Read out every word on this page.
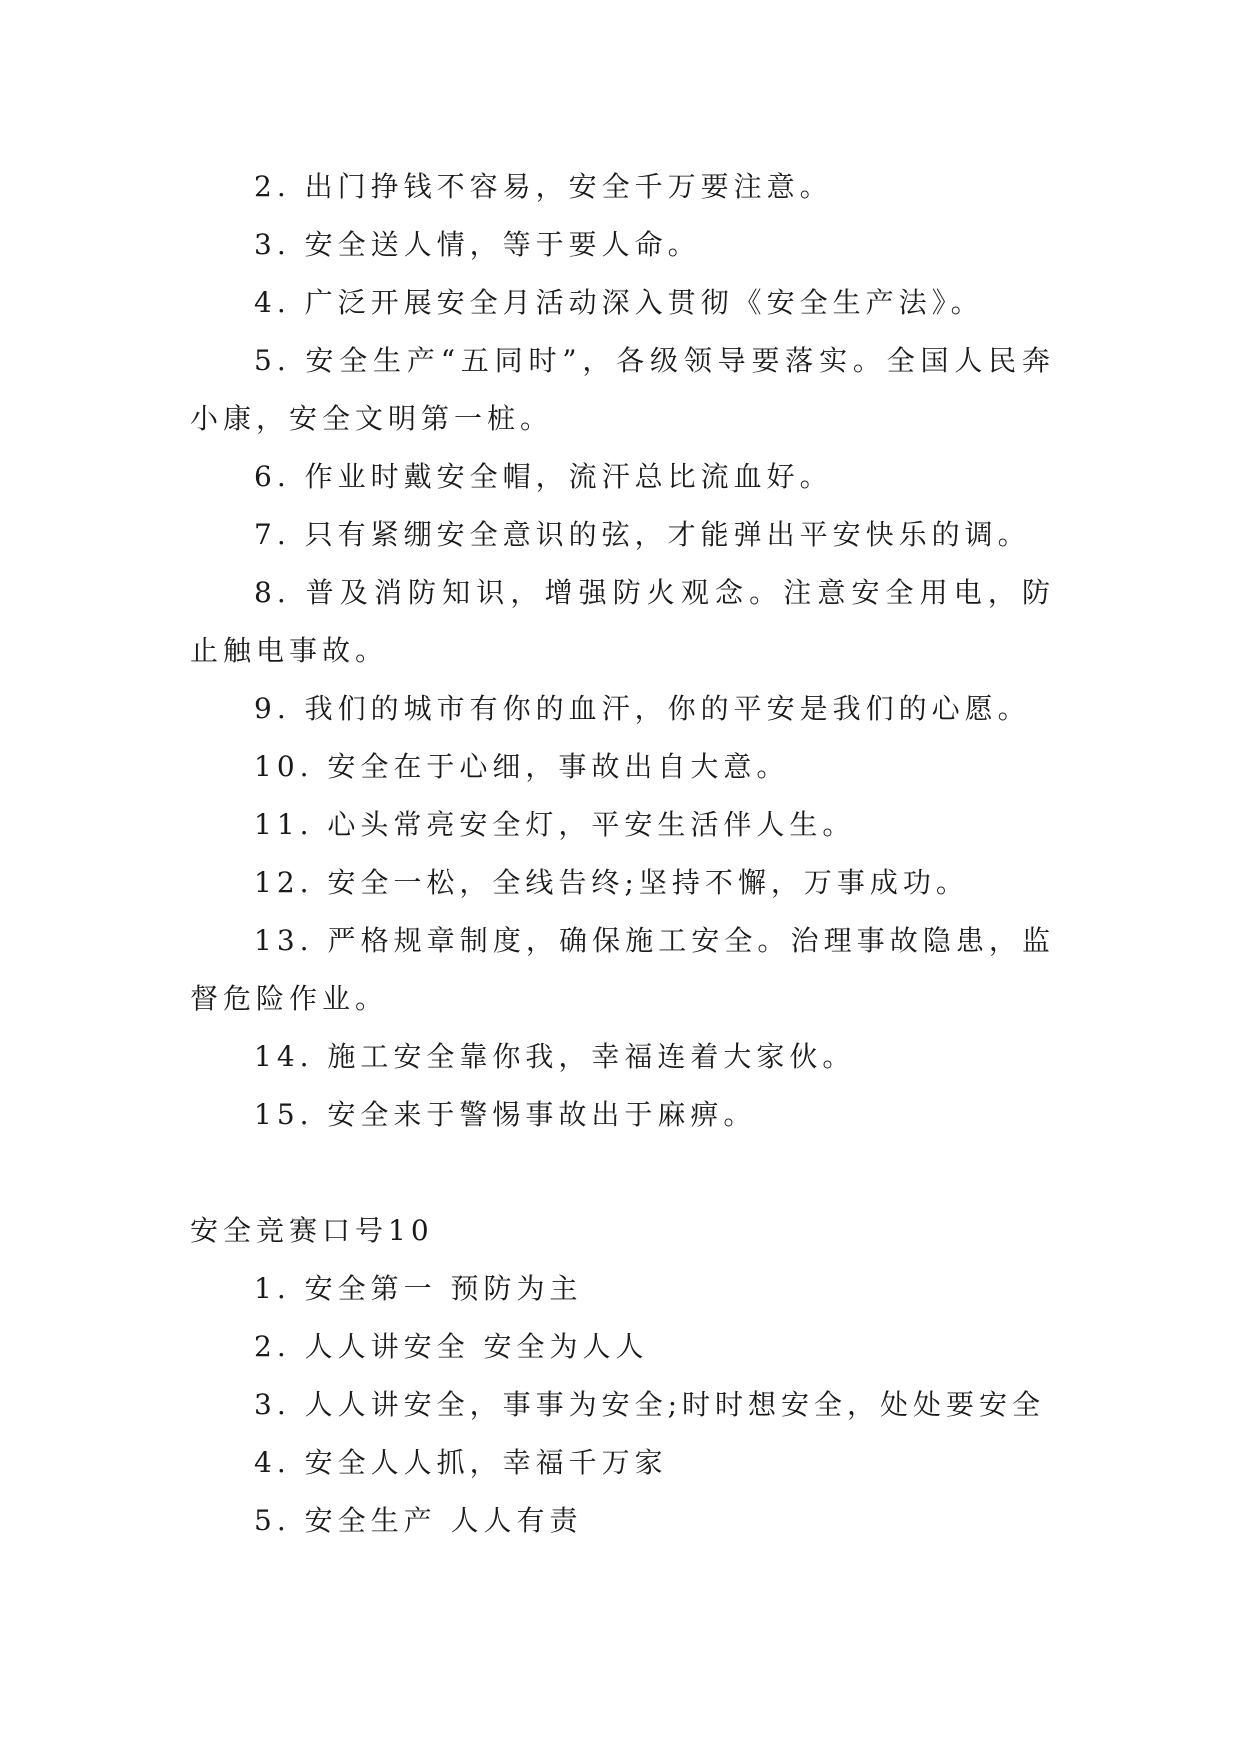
2. 出门挣钱不容易，安全千万要注意。

3. 安全送人情，等于要人命。

4. 广泛开展安全月活动深入贯彻《安全生产法》。

5. 安全生产“五同时”，各级领导要落实。全国人民奔小康，安全文明第一桩。

6. 作业时戴安全帽，流汗总比流血好。

7. 只有紧绷安全意识的弦，才能弹出平安快乐的调。

8. 普及消防知识，增强防火观念。注意安全用电，防止触电事故。

9. 我们的城市有你的血汗，你的平安是我们的心愿。

10. 安全在于心细，事故出自大意。

11. 心头常亮安全灯，平安生活伴人生。

12. 安全一松，全线告终;坚持不懈，万事成功。

13. 严格规章制度，确保施工安全。治理事故隐患，监督危险作业。

14. 施工安全靠你我，幸福连着大家伙。

15. 安全来于警惕事故出于麻痹。

安全竞赛口号10

1. 安全第一 预防为主

2. 人人讲安全 安全为人人

3. 人人讲安全，事事为安全;时时想安全，处处要安全

4. 安全人人抓，幸福千万家

5. 安全生产 人人有责
